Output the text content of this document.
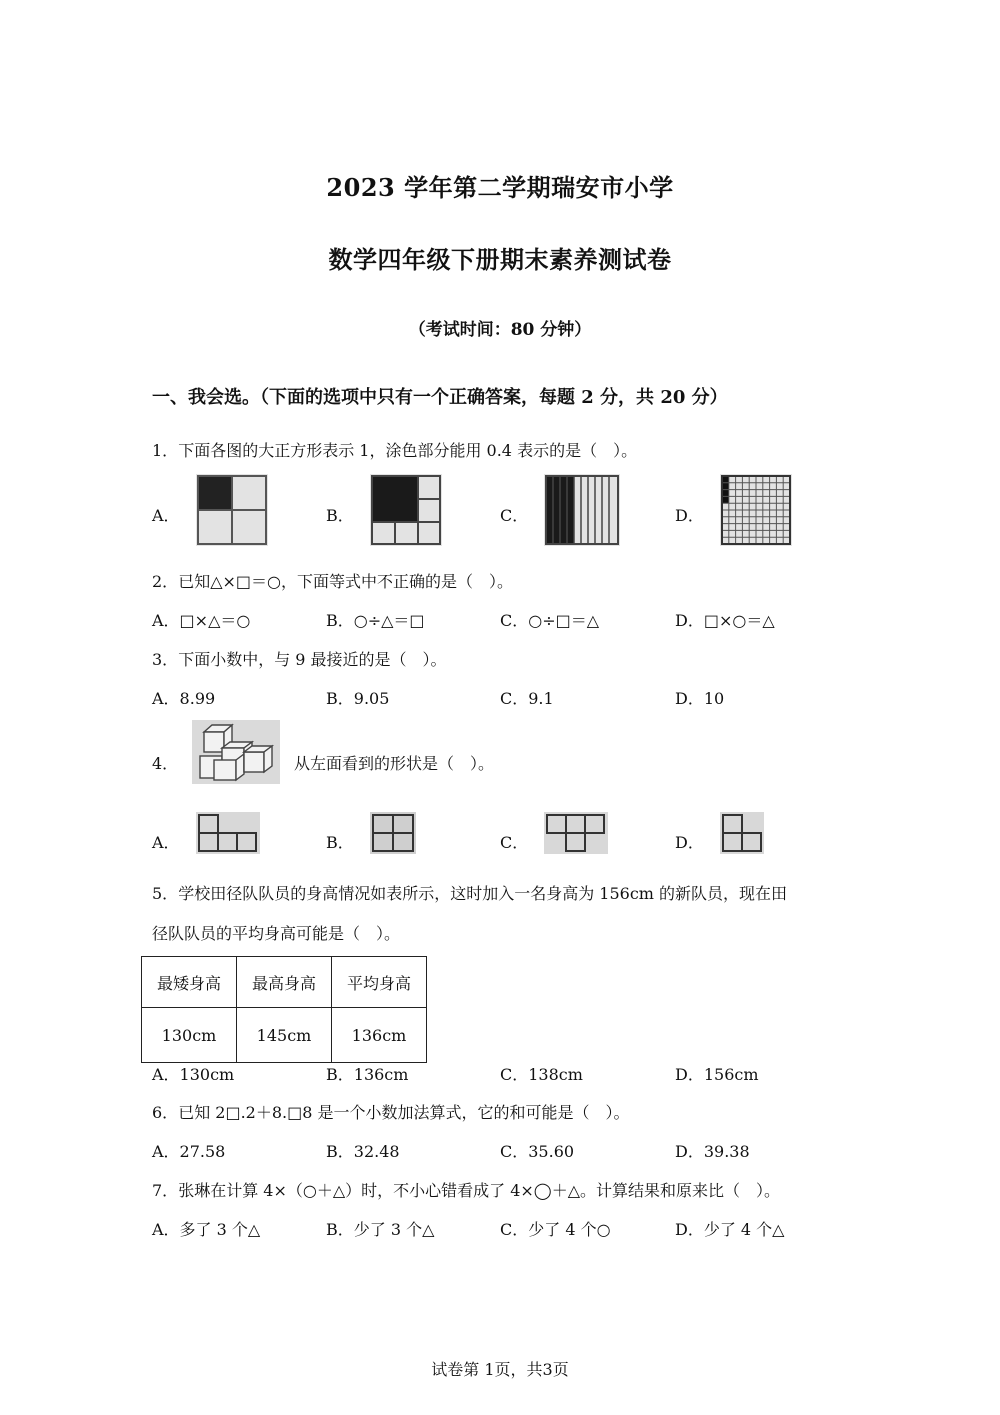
2023 学年第二学期瑞安市小学
数学四年级下册期末素养测试卷
（考试时间：80 分钟）
一、我会选。（下面的选项中只有一个正确答案，每题 2 分，共 20 分）
1．下面各图的大正方形表示 1，涂色部分能用 0.4 表示的是（　）。
A．	B．	C．	D．
2．已知△×□＝○，下面等式中不正确的是（　）。
A．□×△＝○	B．○÷△＝□	C．○÷□＝△	D．□×○＝△
3．下面小数中，与 9 最接近的是（　）。
A．8.99	B．9.05	C．9.1	D．10
4．	从左面看到的形状是（　）。
A．	B．	C．	D．
5．学校田径队队员的身高情况如表所示，这时加入一名身高为 156cm 的新队员，现在田
径队队员的平均身高可能是（　）。
最矮身高	最高身高	平均身高
130cm	145cm	136cm
A．130cm	B．136cm	C．138cm	D．156cm
6．已知 2□.2＋8.□8 是一个小数加法算式，它的和可能是（　）。
A．27.58	B．32.48	C．35.60	D．39.38
7．张琳在计算 4×（○＋△）时，不小心错看成了 4×◯＋△。计算结果和原来比（　）。
A．多了 3 个△	B．少了 3 个△	C．少了 4 个○	D．少了 4 个△
试卷第 1页，共3页
